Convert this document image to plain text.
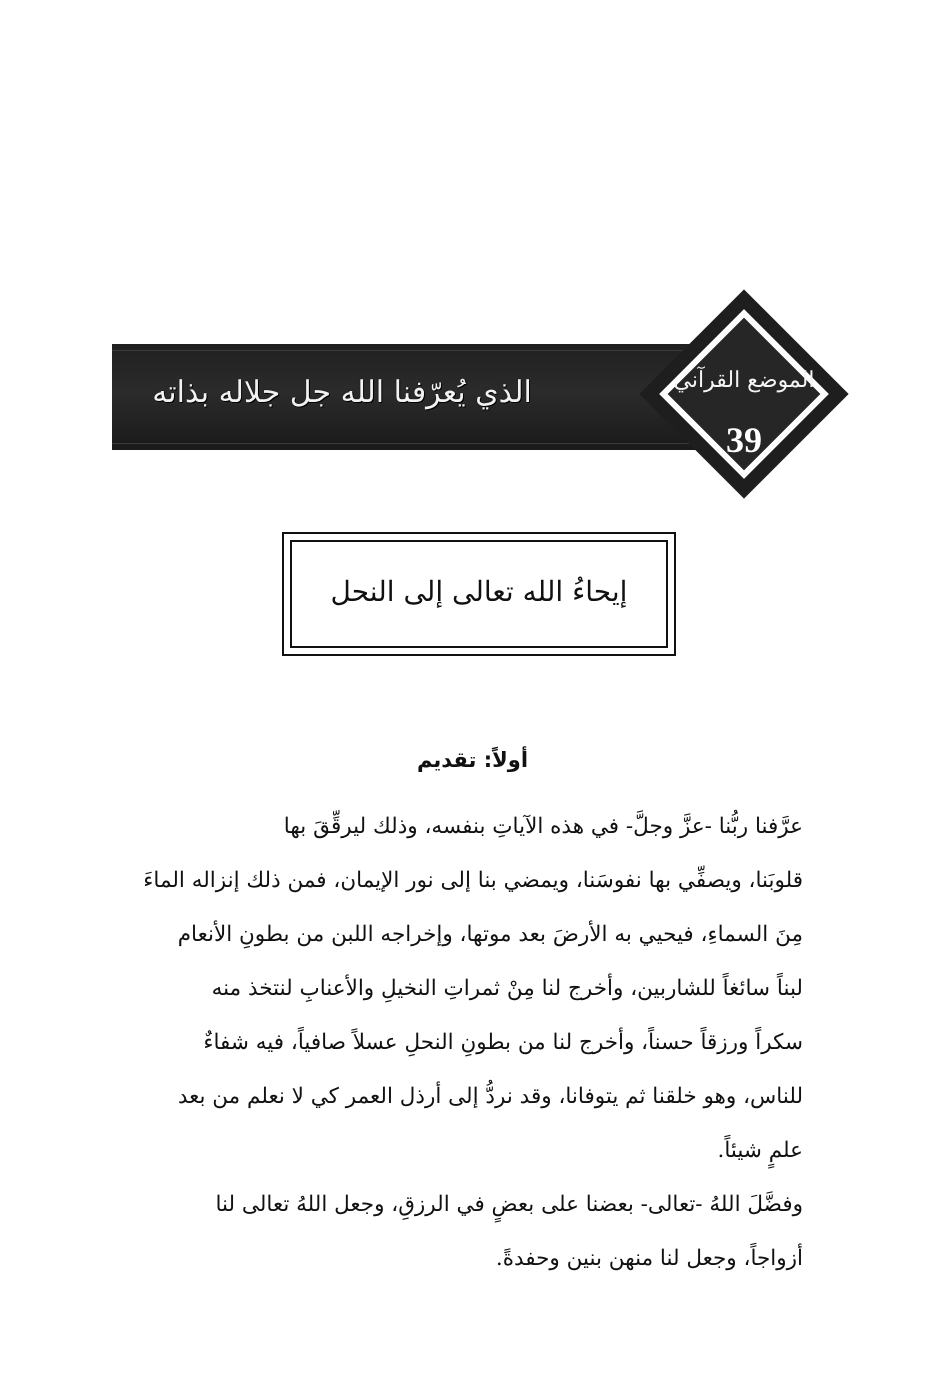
الذي يُعرّفنا الله جل جلاله بذاته	الموضع القرآني
39
إيحاءُ الله تعالى إلى النحل
أولاً: تقديم
عرَّفنا ربُّنا -عزَّ وجلَّ- في هذه الآياتِ بنفسه، وذلك ليرقِّقَ بها
قلوبَنا، ويصفِّي بها نفوسَنا، ويمضي بنا إلى نور الإيمان، فمن ذلك إنزاله الماءَ
مِنَ السماءِ، فيحيي به الأرضَ بعد موتها، وإخراجه اللبن من بطونِ الأنعام
لبناً سائغاً للشاربين، وأخرج لنا مِنْ ثمراتِ النخيلِ والأعنابِ لنتخذ منه
سكراً ورزقاً حسناً، وأخرج لنا من بطونِ النحلِ عسلاً صافياً، فيه شفاءٌ
للناس، وهو خلقنا ثم يتوفانا، وقد نردُّ إلى أرذل العمر كي لا نعلم من بعد
علمٍ شيئاً.
وفضَّلَ اللهُ -تعالى- بعضنا على بعضٍ في الرزقِ، وجعل اللهُ تعالى لنا
أزواجاً، وجعل لنا منهن بنين وحفدةً.
